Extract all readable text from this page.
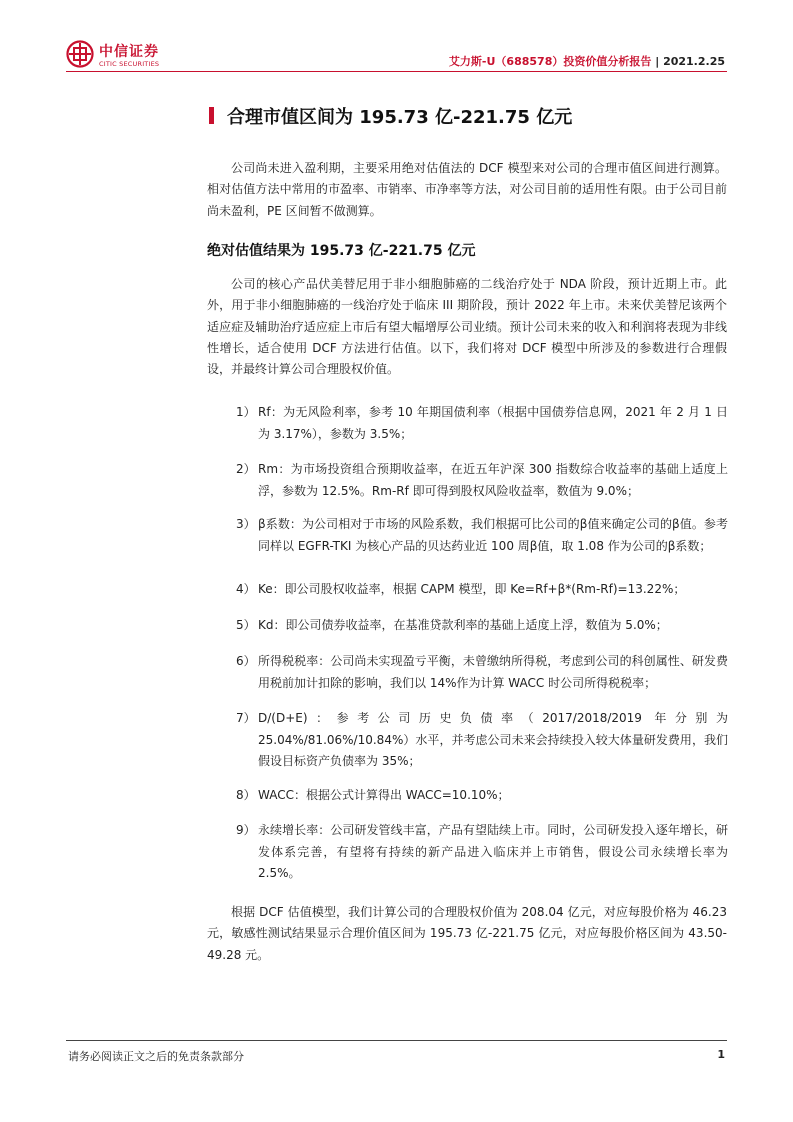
中信证券
CITIC SECURITIES	艾力斯-U（688578）投资价值分析报告 | 2021.2.25
合理市值区间为 195.73 亿-221.75 亿元

公司尚未进入盈利期，主要采用绝对估值法的 DCF 模型来对公司的合理市值区间进行测算。相对估值方法中常用的市盈率、市销率、市净率等方法，对公司目前的适用性有限。由于公司目前尚未盈利，PE 区间暂不做测算。

绝对估值结果为 195.73 亿-221.75 亿元

公司的核心产品伏美替尼用于非小细胞肺癌的二线治疗处于 NDA 阶段，预计近期上市。此外，用于非小细胞肺癌的一线治疗处于临床 III 期阶段，预计 2022 年上市。未来伏美替尼该两个适应症及辅助治疗适应症上市后有望大幅增厚公司业绩。预计公司未来的收入和利润将表现为非线性增长，适合使用 DCF 方法进行估值。以下，我们将对 DCF 模型中所涉及的参数进行合理假设，并最终计算公司合理股权价值。

1） Rf：为无风险利率，参考 10 年期国债利率（根据中国债券信息网，2021 年 2 月 1 日为 3.17%），参数为 3.5%；
2） Rm：为市场投资组合预期收益率，在近五年沪深 300 指数综合收益率的基础上适度上浮，参数为 12.5%。Rm-Rf 即可得到股权风险收益率，数值为 9.0%；
3） β系数：为公司相对于市场的风险系数，我们根据可比公司的β值来确定公司的β值。参考同样以 EGFR-TKI 为核心产品的贝达药业近 100 周β值，取 1.08 作为公司的β系数；
4） Ke：即公司股权收益率，根据 CAPM 模型，即 Ke=Rf+β*(Rm-Rf)=13.22%；
5） Kd：即公司债券收益率，在基准贷款利率的基础上适度上浮，数值为 5.0%；
6） 所得税税率：公司尚未实现盈亏平衡，未曾缴纳所得税，考虑到公司的科创属性、研发费用税前加计扣除的影响，我们以 14%作为计算 WACC 时公司所得税税率；
7） D/(D+E)：参考公司历史负债率（2017/2018/2019 年分别为 25.04%/81.06%/10.84%）水平，并考虑公司未来会持续投入较大体量研发费用，我们假设目标资产负债率为 35%；
8） WACC：根据公式计算得出 WACC=10.10%；
9） 永续增长率：公司研发管线丰富，产品有望陆续上市。同时，公司研发投入逐年增长，研发体系完善，有望将有持续的新产品进入临床并上市销售，假设公司永续增长率为 2.5%。

根据 DCF 估值模型，我们计算公司的合理股权价值为 208.04 亿元，对应每股价格为 46.23 元，敏感性测试结果显示合理价值区间为 195.73 亿-221.75 亿元，对应每股价格区间为 43.50-49.28 元。

请务必阅读正文之后的免责条款部分	1
